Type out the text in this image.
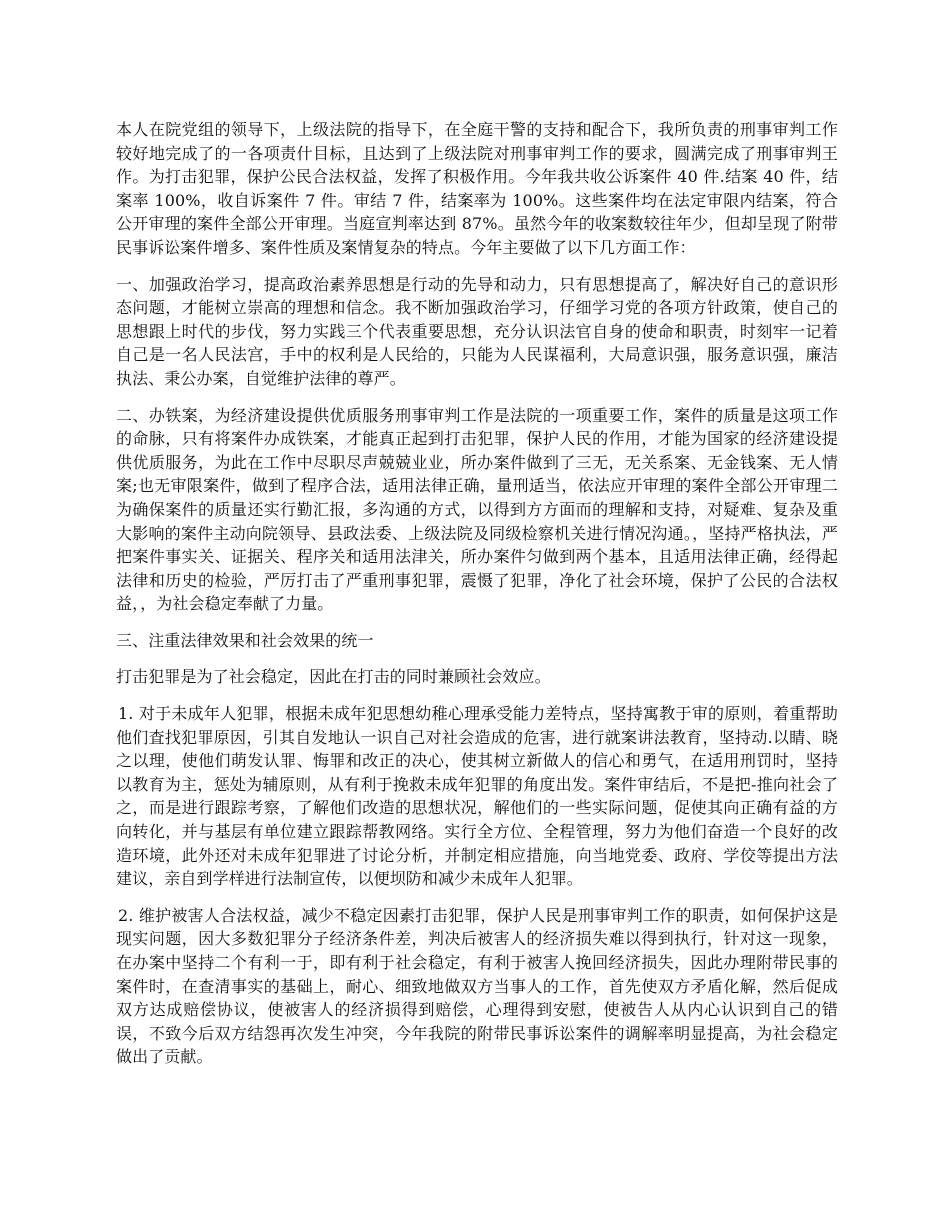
本人在院党组的领导下，上级法院的指导下，在全庭干警的支持和配合下，我所负责的刑事审判工作较好地完成了的一各项责什目标，且达到了上级法院对刑事审判工作的要求，圆满完成了刑事审判王作。为打击犯罪，保护公民合法权益，发挥了积极作用。今年我共收公诉案件 40 件.结案 40 件，结案率 100%，收自诉案件 7 件。审结 7 件，结案率为 100%。这些案件均在法定审限内结案，符合公开审理的案件全部公开审理。当庭宣判率达到 87%。虽然今年的收案数较往年少，但却呈现了附带民事诉讼案件增多、案件性质及案情复杂的特点。今年主要做了以下几方面工作：

一、加强政治学习，提高政治素养思想是行动的先导和动力，只有思想提高了，解决好自己的意识形态问题，才能树立崇高的理想和信念。我不断加强政治学习，仔细学习党的各项方针政策，使自己的思想跟上时代的步伐，努力实践三个代表重要思想，充分认识法官自身的使命和职责，时刻牢一记着自己是一名人民法宫，手中的权利是人民给的，只能为人民谋福利，大局意识强，服务意识强，廉洁执法、秉公办案，自觉维护法律的尊严。

二、办铁案，为经济建设提供优质服务刑事审判工作是法院的一项重要工作，案件的质量是这项工作的命脉，只有将案件办成铁案，才能真正起到打击犯罪，保护人民的作用，才能为国家的经济建设提供优质服务，为此在工作中尽职尽声兢兢业业，所办案件做到了三无，无关系案、无金钱案、无人情案;也无审限案件，做到了程序合法，适用法律正确，量刑适当，依法应开审理的案件全部公开审理二为确保案件的质量还实行勤汇报，多沟通的方式，以得到方方面而的理解和支持，对疑难、复杂及重大影响的案件主动向院领导、县政法委、上级法院及同级检察机关进行情况沟通。，坚持严格执法，严把案件事实关、证据关、程序关和适用法津关，所办案件匀做到两个基本，且适用法律正确，经得起法律和历史的检验，严厉打击了严重刑事犯罪，震慑了犯罪，净化了社会环境，保护了公民的合法权益，，为社会稳定奉献了力量。

三、注重法律效果和社会效果的统一

打击犯罪是为了社会稳定，因此在打击的同时兼顾社会效应。

1. 对于未成年人犯罪，根据未成年犯思想幼稚心理承受能力差特点，坚持寓教于审的原则，着重帮助他们査找犯罪原因，引其自发地认一识自己对社会造成的危害，进行就案讲法教育，坚持动.以睛、晓之以理，使他们萌发认罪、悔罪和改正的决心，使其树立新做人的信心和勇气，在适用刑罚时，坚持以教育为主，惩处为辅原则，从有利于挽救未成年犯罪的角度出发。案件审结后，不是把-推向社会了之，而是进行跟踪考察，了解他们改造的思想状况，解他们的一些实际问题，促使其向正确有益的方向转化，并与基层有单位建立跟踪帮教网络。实行全方位、全程管理，努力为他们奋造一个良好的改造环境，此外还对未成年犯罪进了讨论分析，并制定相应措施，向当地党委、政府、学佼等提出方法建议，亲自到学样进行法制宣传，以便坝防和减少未成年人犯罪。

2. 维护被害人合法权益，减少不稳定因素打击犯罪，保护人民是刑事审判工作的职责，如何保护这是现实问题，因大多数犯罪分子经济条件差，判决后被害人的经济损失难以得到执行，针对这一现象，在办案中坚持二个有利一于，即有利于社会稳定，有利于被害人挽回经济损失，因此办理附带民事的案件时，在查清事实的基础上，耐心、细致地做双方当事人的工作，首先使双方矛盾化解，然后促成双方达成赔偿协议，使被害人的经济损得到赔偿，心理得到安慰，使被告人从内心认识到自己的错误，不致今后双方结怨再次发生冲突，今年我院的附带民事诉讼案件的调解率明显提高，为社会稳定做出了贡献。
